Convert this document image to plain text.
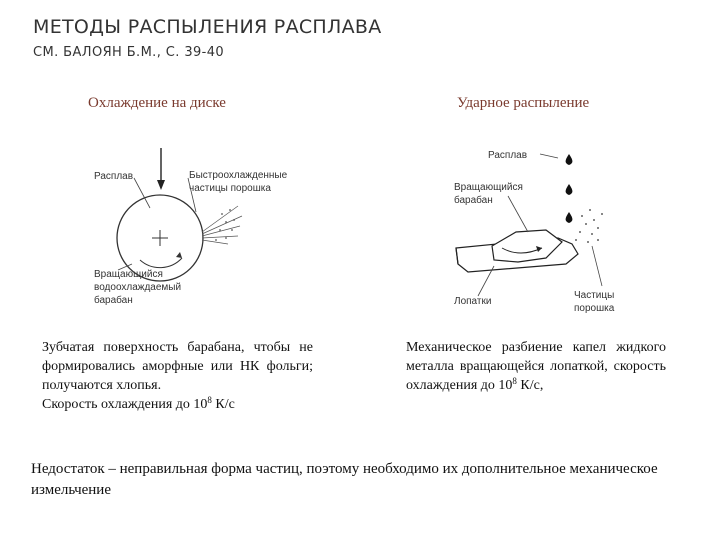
МЕТОДЫ РАСПЫЛЕНИЯ РАСПЛАВА
СМ. БАЛОЯН Б.М., С. 39-40
Охлаждение на диске	Ударное распыление
Расплав	Быстроохлажденные
частицы порошка
Вращающийся
водоохлаждаемый
барабан
Расплав
Вращающийся
барабан
Лопатки
Частицы
порошка
Зубчатая поверхность барабана, чтобы не формировались аморфные или НК фольги; получаются хлопья.
Скорость охлаждения до $10^8$ К/с
Механическое разбиение капел жидкого металла вращающейся лопаткой, скорость охлаждения до $10^8$ К/с,
Недостаток – неправильная форма частиц, поэтому необходимо их дополнительное механическое измельчение
